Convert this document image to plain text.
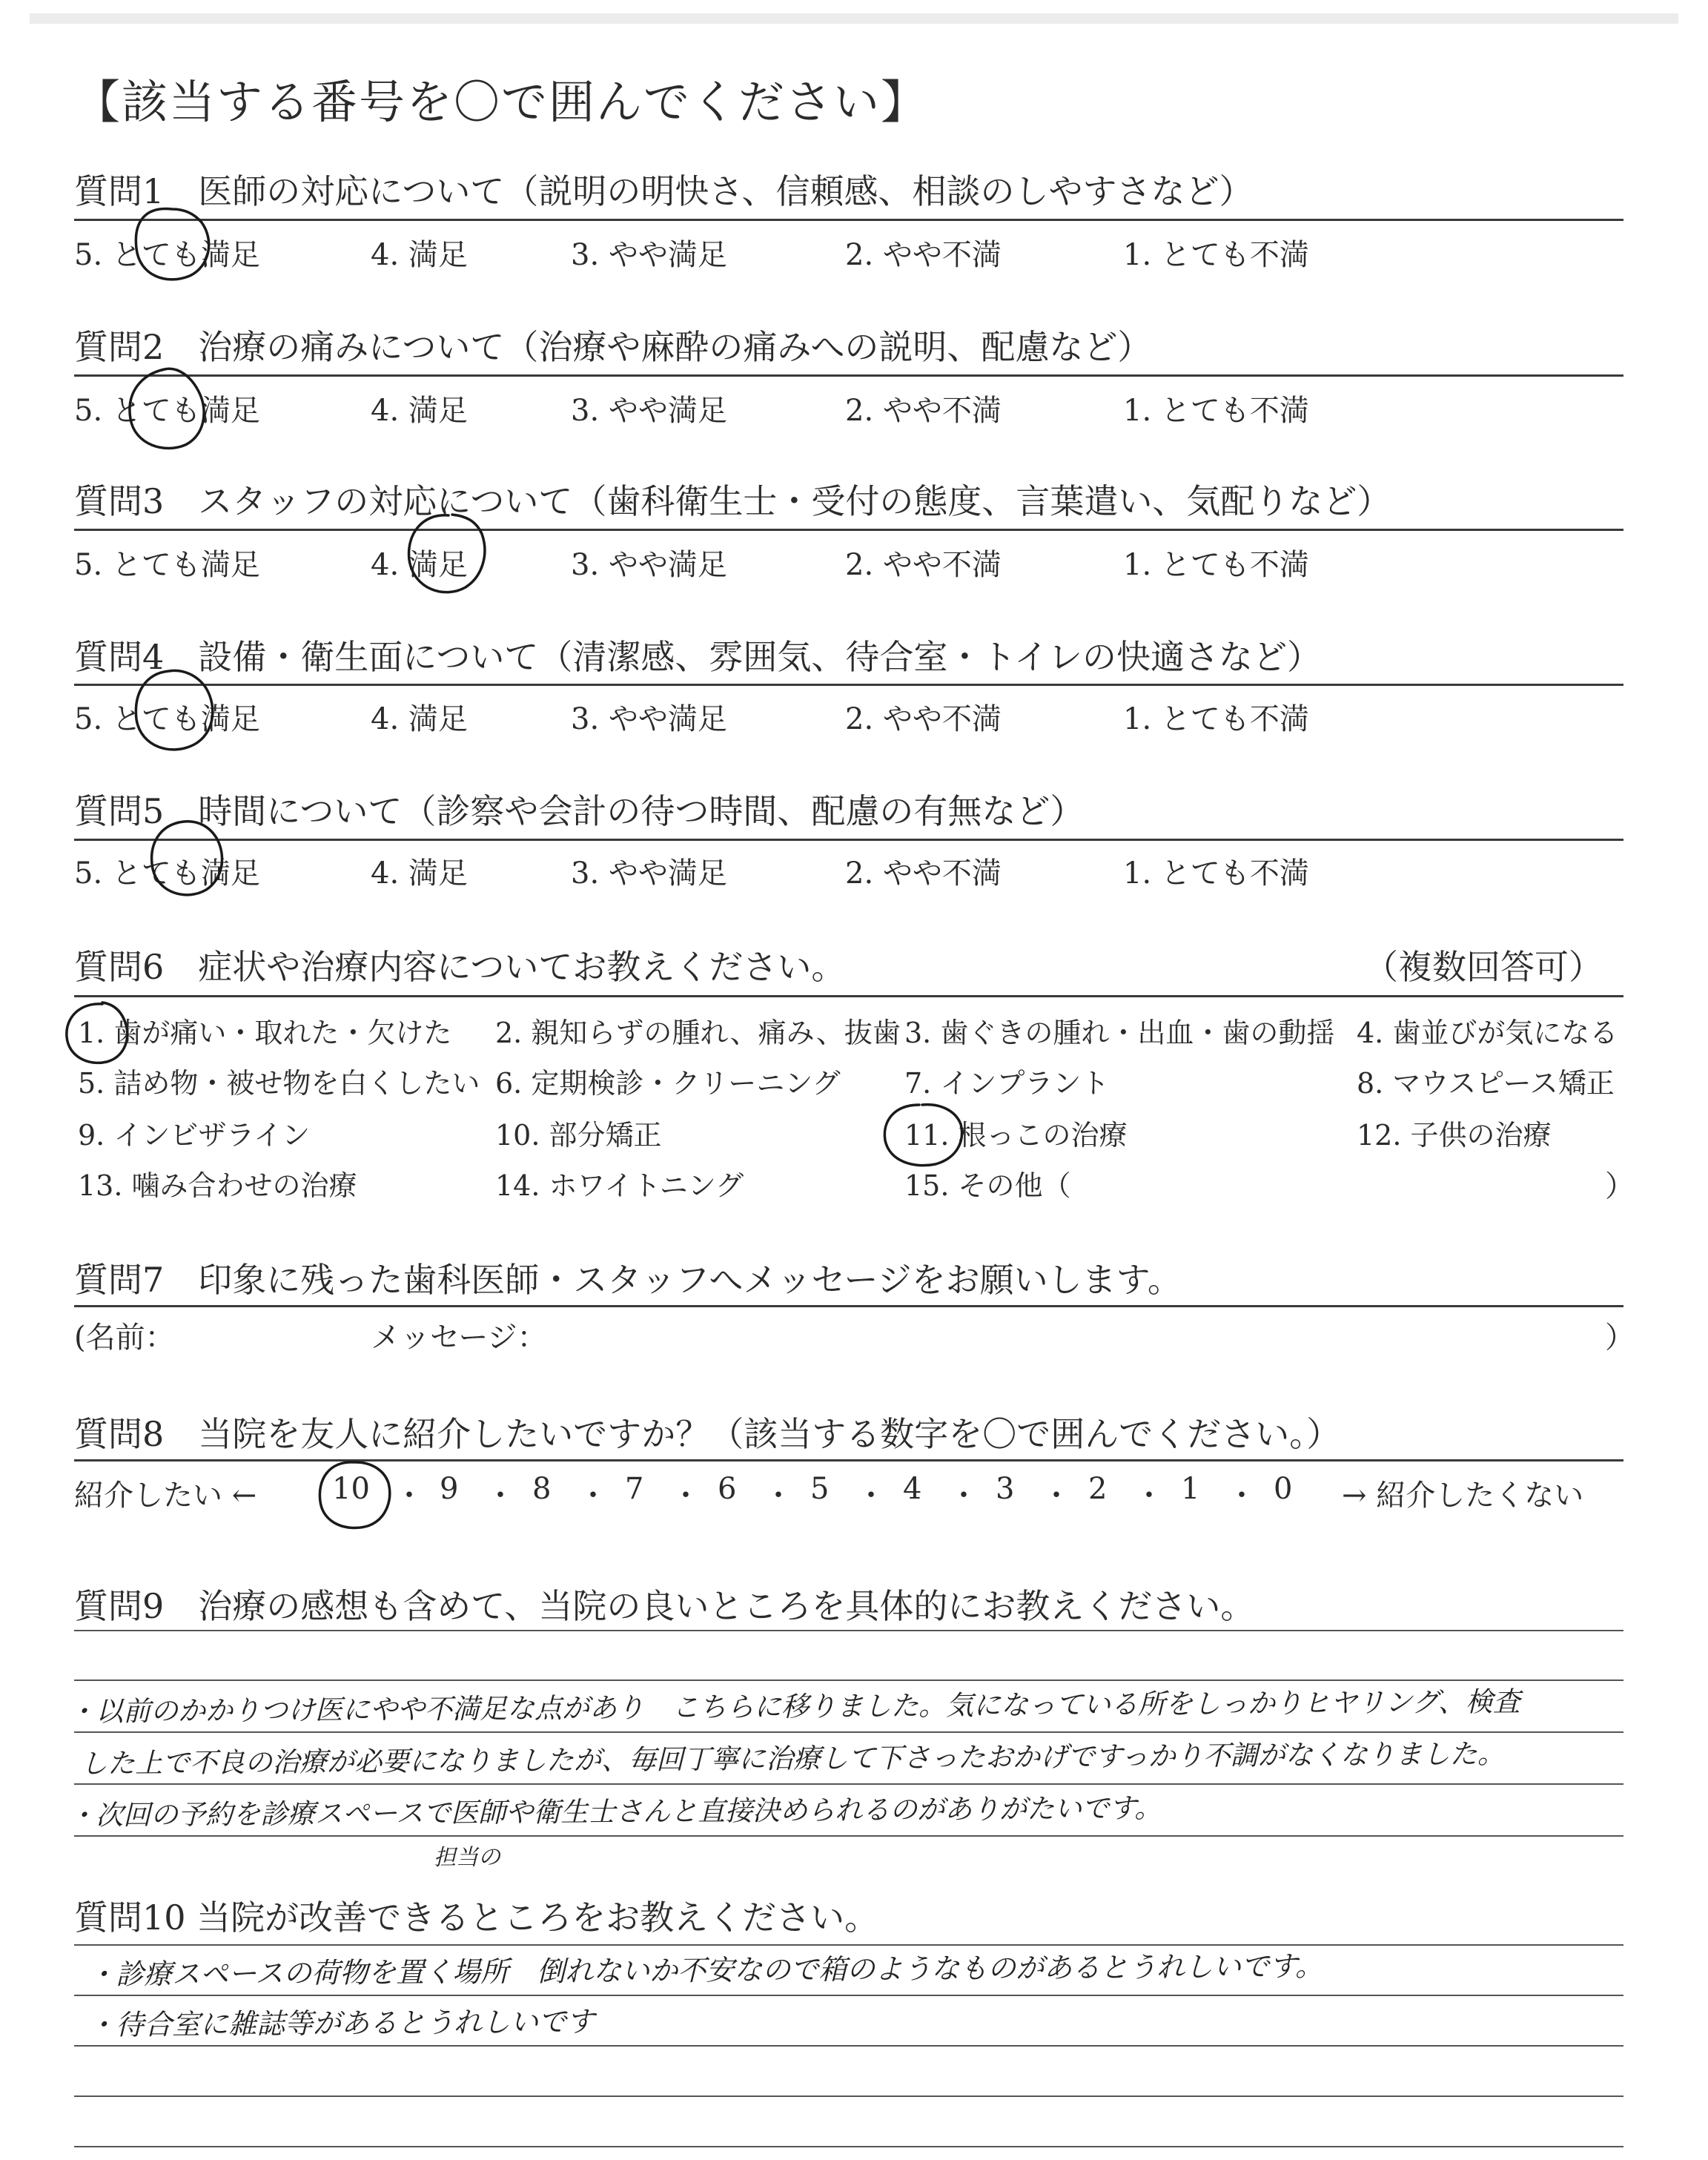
【該当する番号を〇で囲んでください】
質問1　医師の対応について（説明の明快さ、信頼感、相談のしやすさなど）
5. とても満足	4. 満足	3. やや満足	2. やや不満	1. とても不満
質問2　治療の痛みについて（治療や麻酔の痛みへの説明、配慮など）
5. とても満足	4. 満足	3. やや満足	2. やや不満	1. とても不満
質問3　スタッフの対応について（歯科衛生士・受付の態度、言葉遣い、気配りなど）
5. とても満足	4. 満足	3. やや満足	2. やや不満	1. とても不満
質問4　設備・衛生面について（清潔感、雰囲気、待合室・トイレの快適さなど）
5. とても満足	4. 満足	3. やや満足	2. やや不満	1. とても不満
質問5　時間について（診察や会計の待つ時間、配慮の有無など）
5. とても満足	4. 満足	3. やや満足	2. やや不満	1. とても不満
質問6　症状や治療内容についてお教えください。	（複数回答可）
1. 歯が痛い・取れた・欠けた 2. 親知らずの腫れ、痛み、抜歯 3. 歯ぐきの腫れ・出血・歯の動揺 4. 歯並びが気になる
5. 詰め物・被せ物を白くしたい 6. 定期検診・クリーニング 7. インプラント	8. マウスピース矯正
9. インビザライン	10. 部分矯正	11. 根っこの治療	12. 子供の治療
13. 噛み合わせの治療	14. ホワイトニング	15. その他（	）
質問7　印象に残った歯科医師・スタッフへメッセージをお願いします。
(名前：	メッセージ：	）
質問8　当院を友人に紹介したいですか？（該当する数字を〇で囲んでください。）
紹介したい ←	10 ・ 9 ・ 8 ・ 7 ・ 6 ・ 5 ・ 4 ・ 3 ・ 2 ・ 1 ・ 0 → 紹介したくない
質問9　治療の感想も含めて、当院の良いところを具体的にお教えください。
・以前のかかりつけ医にやや不満足な点があり　こちらに移りました。気になっている所をしっかりヒヤリング、検査
した上で不良の治療が必要になりましたが、毎回丁寧に治療して下さったおかげですっかり不調がなくなりました。
・次回の予約を診療スペースで医師や衛生士さんと直接決められるのがありがたいです。
担当の
質問10 当院が改善できるところをお教えください。
・診療スペースの荷物を置く場所　倒れないか不安なので箱のようなものがあるとうれしいです。
・待合室に雑誌等があるとうれしいです
